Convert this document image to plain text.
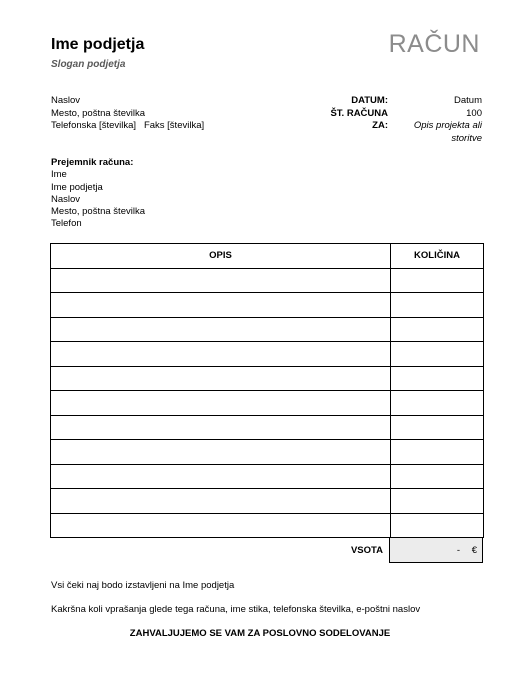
Ime podjetja
Slogan podjetja
RAČUN
Naslov
Mesto, poštna številka
Telefonska [številka] Faks [številka]
DATUM:	Datum
ŠT. RAČUNA	100
ZA:	Opis projekta ali storitve
Prejemnik računa:
Ime
Ime podjetja
Naslov
Mesto, poštna številka
Telefon
OPIS	KOLIČINA

VSOTA	- €
Vsi čeki naj bodo izstavljeni na Ime podjetja
Kakršna koli vprašanja glede tega računa, ime stika, telefonska številka, e-poštni naslov
ZAHVALJUJEMO SE VAM ZA POSLOVNO SODELOVANJE
